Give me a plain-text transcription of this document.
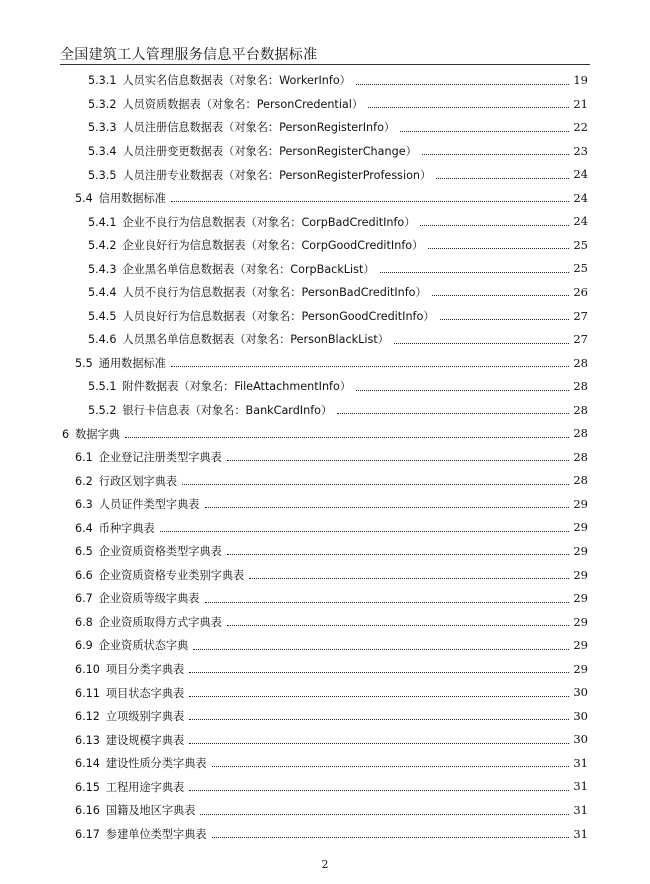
全国建筑工人管理服务信息平台数据标准
5.3.1 人员实名信息数据表（对象名：WorkerInfo）	19
5.3.2 人员资质数据表（对象名：PersonCredential）	21
5.3.3 人员注册信息数据表（对象名：PersonRegisterInfo）	22
5.3.4 人员注册变更数据表（对象名：PersonRegisterChange）	23
5.3.5 人员注册专业数据表（对象名：PersonRegisterProfession）	24
5.4 信用数据标准	24
5.4.1 企业不良行为信息数据表（对象名：CorpBadCreditInfo）	24
5.4.2 企业良好行为信息数据表（对象名：CorpGoodCreditInfo）	25
5.4.3 企业黑名单信息数据表（对象名：CorpBackList）	25
5.4.4 人员不良行为信息数据表（对象名：PersonBadCreditInfo）	26
5.4.5 人员良好行为信息数据表（对象名：PersonGoodCreditInfo）	27
5.4.6 人员黑名单信息数据表（对象名：PersonBlackList）	27
5.5 通用数据标准	28
5.5.1 附件数据表（对象名：FileAttachmentInfo）	28
5.5.2 银行卡信息表（对象名：BankCardInfo）	28
6 数据字典	28
6.1 企业登记注册类型字典表	28
6.2 行政区划字典表	28
6.3 人员证件类型字典表	29
6.4 币种字典表	29
6.5 企业资质资格类型字典表	29
6.6 企业资质资格专业类别字典表	29
6.7 企业资质等级字典表	29
6.8 企业资质取得方式字典表	29
6.9 企业资质状态字典	29
6.10 项目分类字典表	29
6.11 项目状态字典表	30
6.12 立项级别字典表	30
6.13 建设规模字典表	30
6.14 建设性质分类字典表	31
6.15 工程用途字典表	31
6.16 国籍及地区字典表	31
6.17 参建单位类型字典表	31
2
